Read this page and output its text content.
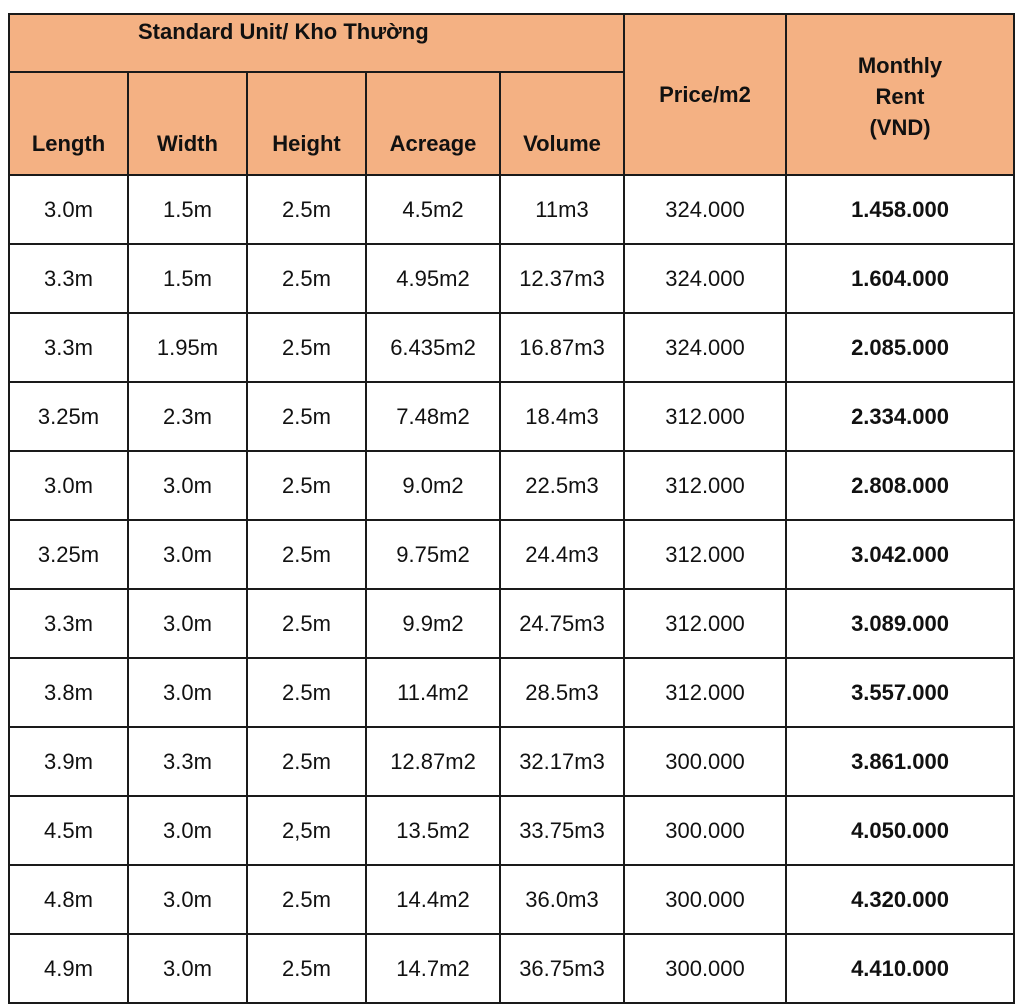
Standard Unit/ Kho Thường					Price/m2	Monthly
Rent
(VND)

Length	Width	Height	Acreage	Volume		
3.0m	1.5m	2.5m	4.5m2	11m3	324.000	1.458.000
3.3m	1.5m	2.5m	4.95m2	12.37m3	324.000	1.604.000
3.3m	1.95m	2.5m	6.435m2	16.87m3	324.000	2.085.000
3.25m	2.3m	2.5m	7.48m2	18.4m3	312.000	2.334.000
3.0m	3.0m	2.5m	9.0m2	22.5m3	312.000	2.808.000
3.25m	3.0m	2.5m	9.75m2	24.4m3	312.000	3.042.000
3.3m	3.0m	2.5m	9.9m2	24.75m3	312.000	3.089.000
3.8m	3.0m	2.5m	11.4m2	28.5m3	312.000	3.557.000
3.9m	3.3m	2.5m	12.87m2	32.17m3	300.000	3.861.000
4.5m	3.0m	2,5m	13.5m2	33.75m3	300.000	4.050.000
4.8m	3.0m	2.5m	14.4m2	36.0m3	300.000	4.320.000
4.9m	3.0m	2.5m	14.7m2	36.75m3	300.000	4.410.000
